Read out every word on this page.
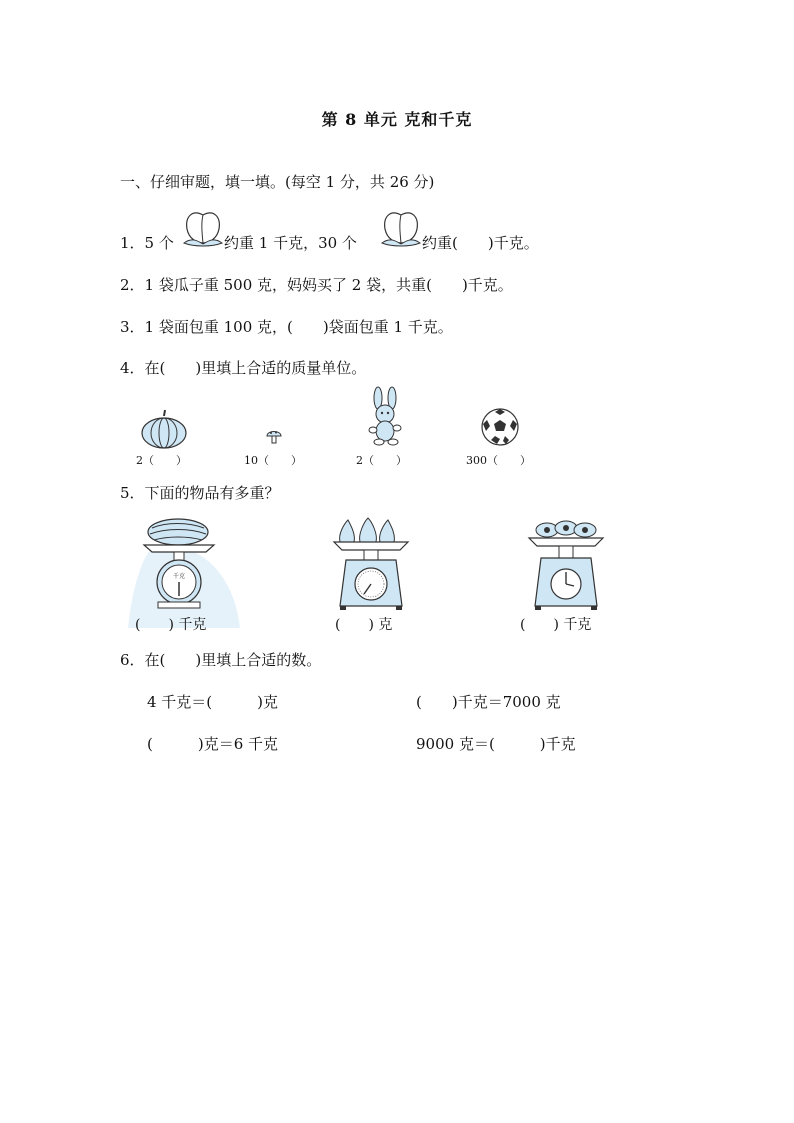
第 8 单元 克和千克
一、仔细审题，填一填。(每空 1 分，共 26 分)
1．5 个	约重 1 千克，30 个	约重(　　)千克。
2．1 袋瓜子重 500 克，妈妈买了 2 袋，共重(　　)千克。
3．1 袋面包重 100 克，(　　)袋面包重 1 千克。
4．在(　　)里填上合适的质量单位。
2（　　）	10（　　）	2（　　）	300（　　）
5．下面的物品有多重？
千克
(　　) 千克	(　　) 克	(　　) 千克
6．在(　　)里填上合适的数。
4 千克＝(　　　)克	(　　)千克＝7000 克
(　　　)克＝6 千克	9000 克＝(　　　)千克
